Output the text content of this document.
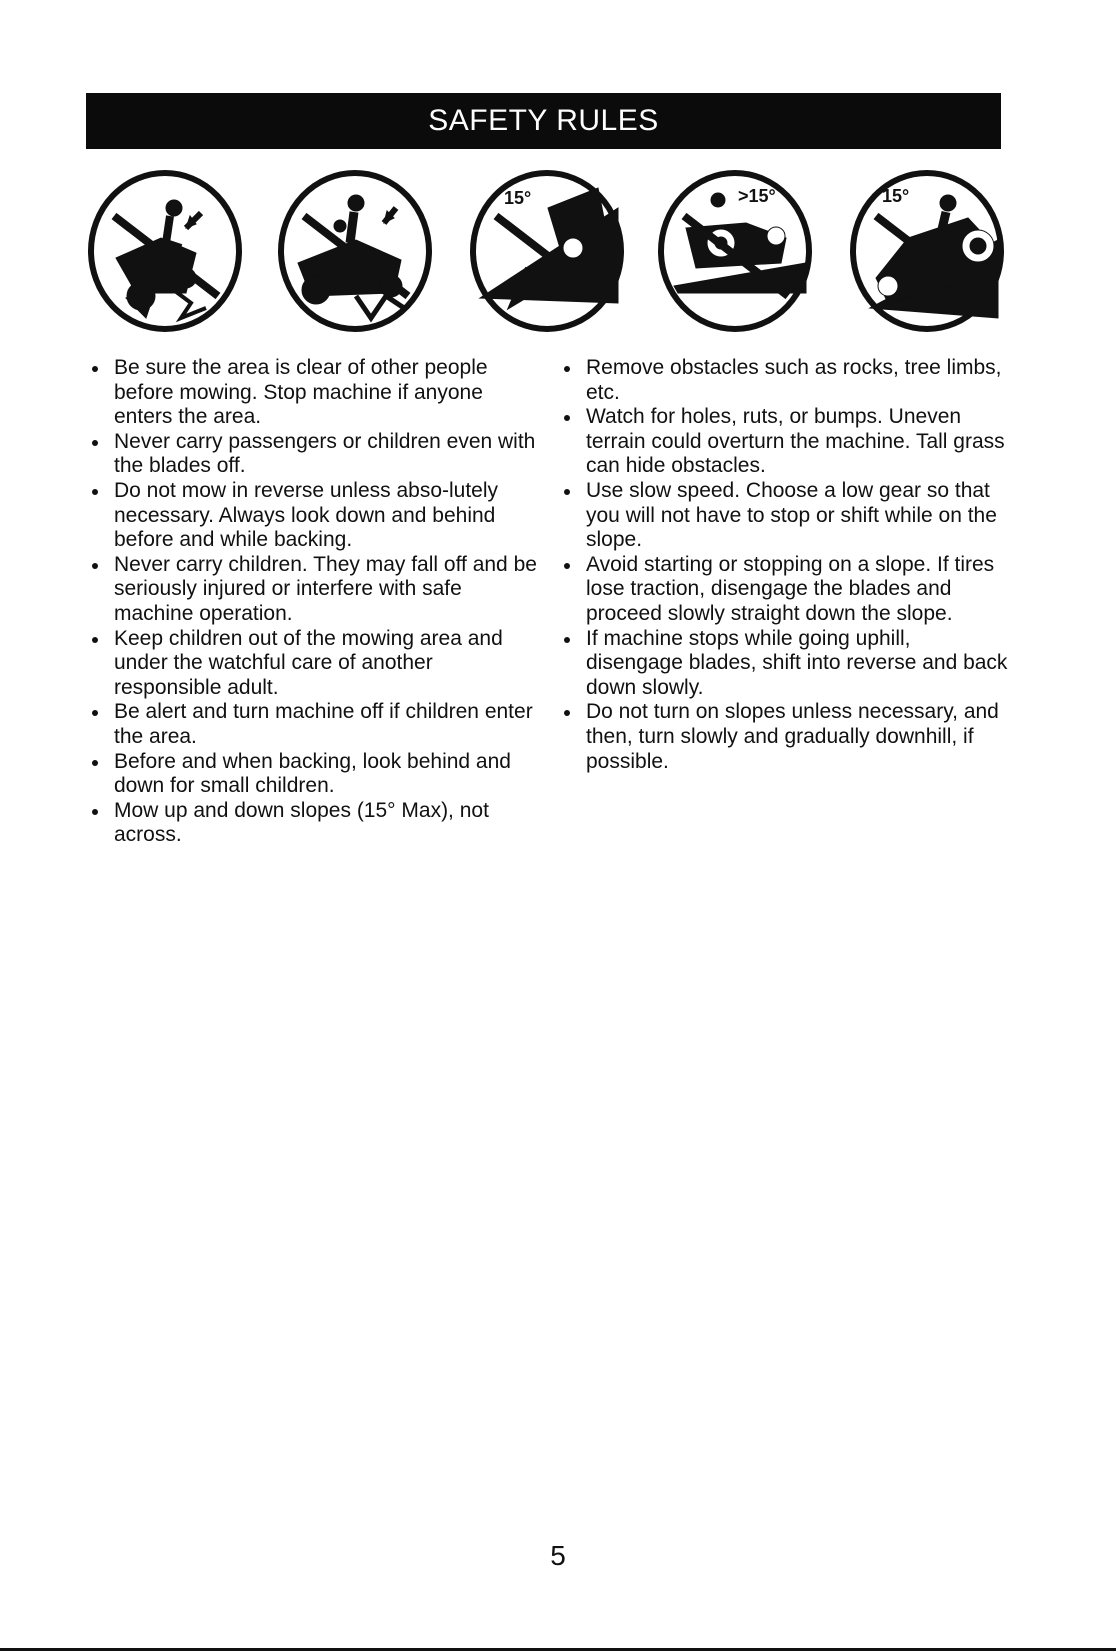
SAFETY RULES
15°	>15°	15°
Be sure the area is clear of other people before mowing. Stop machine if anyone enters the area.
Never carry passengers or children even with the blades off.
Do not mow in reverse unless abso-lutely necessary. Always look down and behind before and while backing.
Never carry children. They may fall off and be seriously injured or interfere with safe machine operation.
Keep children out of the mowing area and under the watchful care of another responsible adult.
Be alert and turn machine off if children enter the area.
Before and when backing, look behind and down for small children.
Mow up and down slopes (15° Max), not across.
Remove obstacles such as rocks, tree limbs, etc.
Watch for holes, ruts, or bumps. Uneven terrain could overturn the machine. Tall grass can hide obstacles.
Use slow speed. Choose a low gear so that you will not have to stop or shift while on the slope.
Avoid starting or stopping on a slope. If tires lose traction, disengage the blades and proceed slowly straight down the slope.
If machine stops while going uphill, disengage blades, shift into reverse and back down slowly.
Do not turn on slopes unless necessary, and then, turn slowly and gradually downhill, if possible.
5
